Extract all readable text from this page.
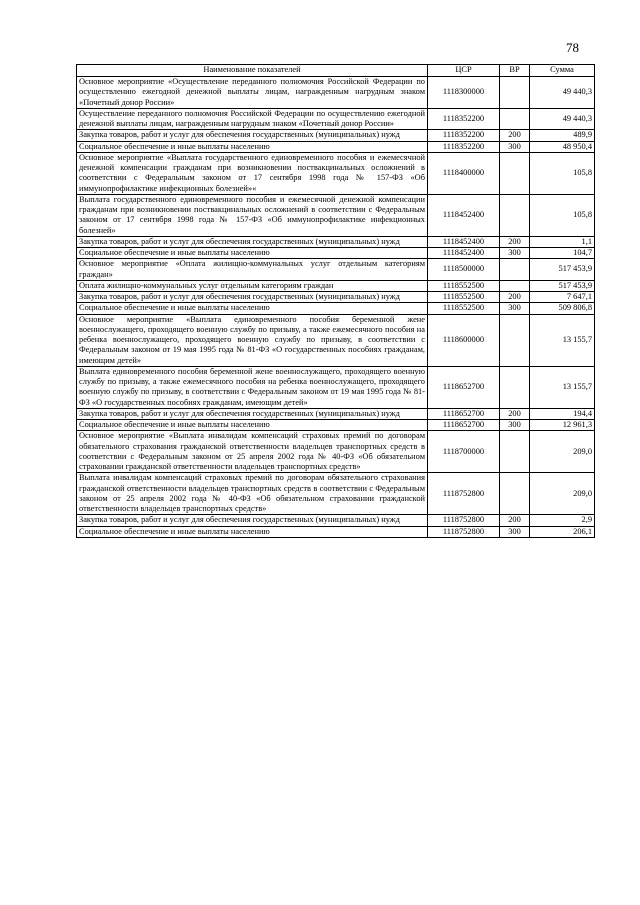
78
Наименование показателей	ЦСР	ВР	Сумма
Основное мероприятие «Осуществление переданного полномочия Российской Федерации по осуществлению ежегодной денежной выплаты лицам, награжденным нагрудным знаком «Почетный донор России»	1118300000		49 440,3
Осуществление переданного полномочия Российской Федерации по осуществлению ежегодной денежной выплаты лицам, награжденным нагрудным знаком «Почетный донор России»	1118352200		49 440,3
Закупка товаров, работ и услуг для обеспечения государственных (муниципальных) нужд	1118352200	200	489,9
Социальное обеспечение и иные выплаты населению	1118352200	300	48 950,4
Основное мероприятие «Выплата государственного единовременного пособия и ежемесячной денежной компенсации гражданам при возникновении поствакцинальных осложнений в соответствии с Федеральным законом от 17 сентября 1998 года № 157-ФЗ «Об иммунопрофилактике инфекционных болезней»«	1118400000		105,8
Выплата государственного единовременного пособия и ежемесячной денежной компенсации гражданам при возникновении поствакцинальных осложнений в соответствии с Федеральным законом от 17 сентября 1998 года № 157-ФЗ «Об иммунопрофилактике инфекционных болезней»	1118452400		105,8
Закупка товаров, работ и услуг для обеспечения государственных (муниципальных) нужд	1118452400	200	1,1
Социальное обеспечение и иные выплаты населению	1118452400	300	104,7
Основное мероприятие «Оплата жилищно-коммунальных услуг отдельным категориям граждан»	1118500000		517 453,9
Оплата жилищно-коммунальных услуг отдельным категориям граждан	1118552500		517 453,9
Закупка товаров, работ и услуг для обеспечения государственных (муниципальных) нужд	1118552500	200	7 647,1
Социальное обеспечение и иные выплаты населению	1118552500	300	509 806,8
Основное мероприятие «Выплата единовременного пособия беременной жене военнослужащего, проходящего военную службу по призыву, а также ежемесячного пособия на ребенка военнослужащего, проходящего военную службу по призыву, в соответствии с Федеральным законом от 19 мая 1995 года № 81-ФЗ «О государственных пособиях гражданам, имеющим детей»	1118600000		13 155,7
Выплата единовременного пособия беременной жене военнослужащего, проходящего военную службу по призыву, а также ежемесячного пособия на ребенка военнослужащего, проходящего военную службу по призыву, в соответствии с Федеральным законом от 19 мая 1995 года № 81-ФЗ «О государственных пособиях гражданам, имеющим детей»	1118652700		13 155,7
Закупка товаров, работ и услуг для обеспечения государственных (муниципальных) нужд	1118652700	200	194,4
Социальное обеспечение и иные выплаты населению	1118652700	300	12 961,3
Основное мероприятие «Выплата инвалидам компенсаций страховых премий по договорам обязательного страхования гражданской ответственности владельцев транспортных средств в соответствии с Федеральным законом от 25 апреля 2002 года № 40-ФЗ «Об обязательном страховании гражданской ответственности владельцев транспортных средств»	1118700000		209,0
Выплата инвалидам компенсаций страховых премий по договорам обязательного страхования гражданской ответственности владельцев транспортных средств в соответствии с Федеральным законом от 25 апреля 2002 года № 40-ФЗ «Об обязательном страховании гражданской ответственности владельцев транспортных средств»	1118752800		209,0
Закупка товаров, работ и услуг для обеспечения государственных (муниципальных) нужд	1118752800	200	2,9
Социальное обеспечение и иные выплаты населению	1118752800	300	206,1
